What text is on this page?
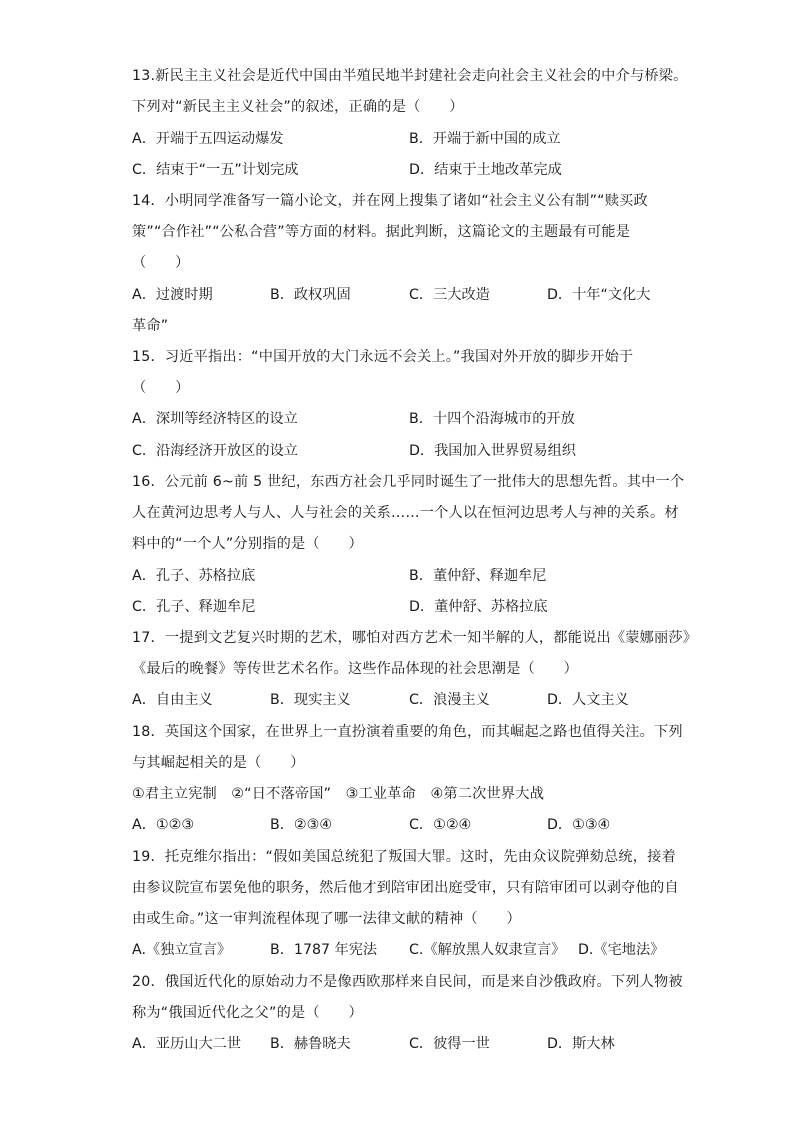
13.新民主主义社会是近代中国由半殖民地半封建社会走向社会主义社会的中介与桥梁。
下列对“新民主主义社会”的叙述，正确的是（　　）
A．开端于五四运动爆发	B．开端于新中国的成立
C．结束于“一五”计划完成	D．结束于土地改革完成
14．小明同学准备写一篇小论文，并在网上搜集了诸如“社会主义公有制”“赎买政
策”“合作社”“公私合营”等方面的材料。据此判断，这篇论文的主题最有可能是
（　　）
A．过渡时期	B．政权巩固	C．三大改造	D．十年“文化大
革命”
15．习近平指出：“中国开放的大门永远不会关上。”我国对外开放的脚步开始于
（　　）
A．深圳等经济特区的设立	B．十四个沿海城市的开放
C．沿海经济开放区的设立	D．我国加入世界贸易组织
16．公元前 6~前 5 世纪，东西方社会几乎同时诞生了一批伟大的思想先哲。其中一个
人在黄河边思考人与人、人与社会的关系……一个人以在恒河边思考人与神的关系。材
料中的“一个人”分别指的是（　　）
A．孔子、苏格拉底	B．董仲舒、释迦牟尼
C．孔子、释迦牟尼	D．董仲舒、苏格拉底
17．一提到文艺复兴时期的艺术，哪怕对西方艺术一知半解的人，都能说出《蒙娜丽莎》
《最后的晚餐》等传世艺术名作。这些作品体现的社会思潮是（　　）
A．自由主义	B．现实主义	C．浪漫主义	D．人文主义
18．英国这个国家，在世界上一直扮演着重要的角色，而其崛起之路也值得关注。下列
与其崛起相关的是（　　）
①君主立宪制　②“日不落帝国”　③工业革命　④第二次世界大战
A．①②③	B．②③④	C．①②④	D．①③④
19．托克维尔指出：“假如美国总统犯了叛国大罪。这时，先由众议院弹劾总统，接着
由参议院宣布罢免他的职务，然后他才到陪审团出庭受审，只有陪审团可以剥夺他的自
由或生命。”这一审判流程体现了哪一法律文献的精神（　　）
A.《独立宣言》	B．1787 年宪法 C.《解放黑人奴隶宣言》 D.《宅地法》
20．俄国近代化的原始动力不是像西欧那样来自民间，而是来自沙俄政府。下列人物被
称为“俄国近代化之父”的是（　　）
A．亚历山大二世 B．赫鲁晓夫	C．彼得一世	D．斯大林
